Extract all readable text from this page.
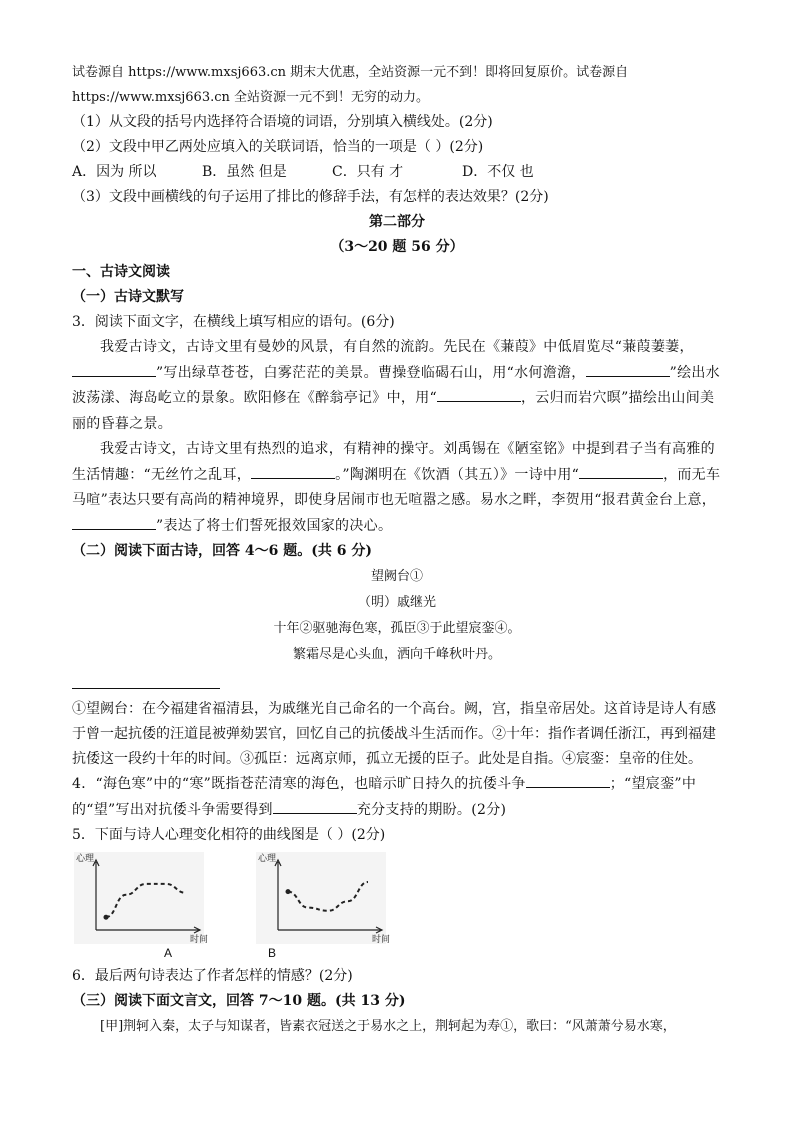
试卷源自 https://www.mxsj663.cn 期末大优惠，全站资源一元不到！即将回复原价。试卷源自

https://www.mxsj663.cn 全站资源一元不到！无穷的动力。

（1）从文段的括号内选择符合语境的词语，分别填入横线处。(2分)

（2）文段中甲乙两处应填入的关联词语，恰当的一项是（ ）(2分)

A．因为 所以	B．虽然 但是	C．只有 才	D．不仅 也

（3）文段中画横线的句子运用了排比的修辞手法，有怎样的表达效果？(2分)

第二部分

（3～20 题 56 分）

一、古诗文阅读

（一）古诗文默写

3．阅读下面文字，在横线上填写相应的语句。(6分)

我爱古诗文，古诗文里有曼妙的风景，有自然的流韵。先民在《蒹葭》中低眉览尽“蒹葭萋萋，”写出绿草苍苍，白雾茫茫的美景。曹操登临碣石山，用“水何澹澹，	”绘出水波荡漾、海岛屹立的景象。欧阳修在《醉翁亭记》中，用“	，云归而岩穴暝”描绘出山间美丽的昏暮之景。

我爱古诗文，古诗文里有热烈的追求，有精神的操守。刘禹锡在《陋室铭》中提到君子当有高雅的生活情趣：“无丝竹之乱耳，	。”陶渊明在《饮酒（其五）》一诗中用“	，而无车马喧”表达只要有高尚的精神境界，即使身居闹市也无喧嚣之感。易水之畔，李贺用“报君黄金台上意，”表达了将士们誓死报效国家的决心。

（二）阅读下面古诗，回答 4～6 题。(共 6 分)

望阙台①

（明）戚继光

十年②驱驰海色寒，孤臣③于此望宸銮④。

繁霜尽是心头血，洒向千峰秋叶丹。

①望阙台：在今福建省福清县，为戚继光自己命名的一个高台。阙，宫，指皇帝居处。这首诗是诗人有感于曾一起抗倭的汪道昆被弹劾罢官，回忆自己的抗倭战斗生活而作。②十年：指作者调任浙江，再到福建抗倭这一段约十年的时间。③孤臣：远离京师，孤立无援的臣子。此处是自指。④宸銮：皇帝的住处。

4．“海色寒”中的“寒”既指苍茫清寒的海色，也暗示旷日持久的抗倭斗争	；“望宸銮”中的“望”写出对抗倭斗争需要得到	充分支持的期盼。(2分)

5．下面与诗人心理变化相符的曲线图是（ ）(2分)

心理
时间
A
心理
时间
B

6．最后两句诗表达了作者怎样的情感？(2分)

（三）阅读下面文言文，回答 7～10 题。(共 13 分)

[甲]荆轲入秦，太子与知谋者，皆素衣冠送之于易水之上，荆轲起为寿①，歌曰：“风萧萧兮易水寒，
